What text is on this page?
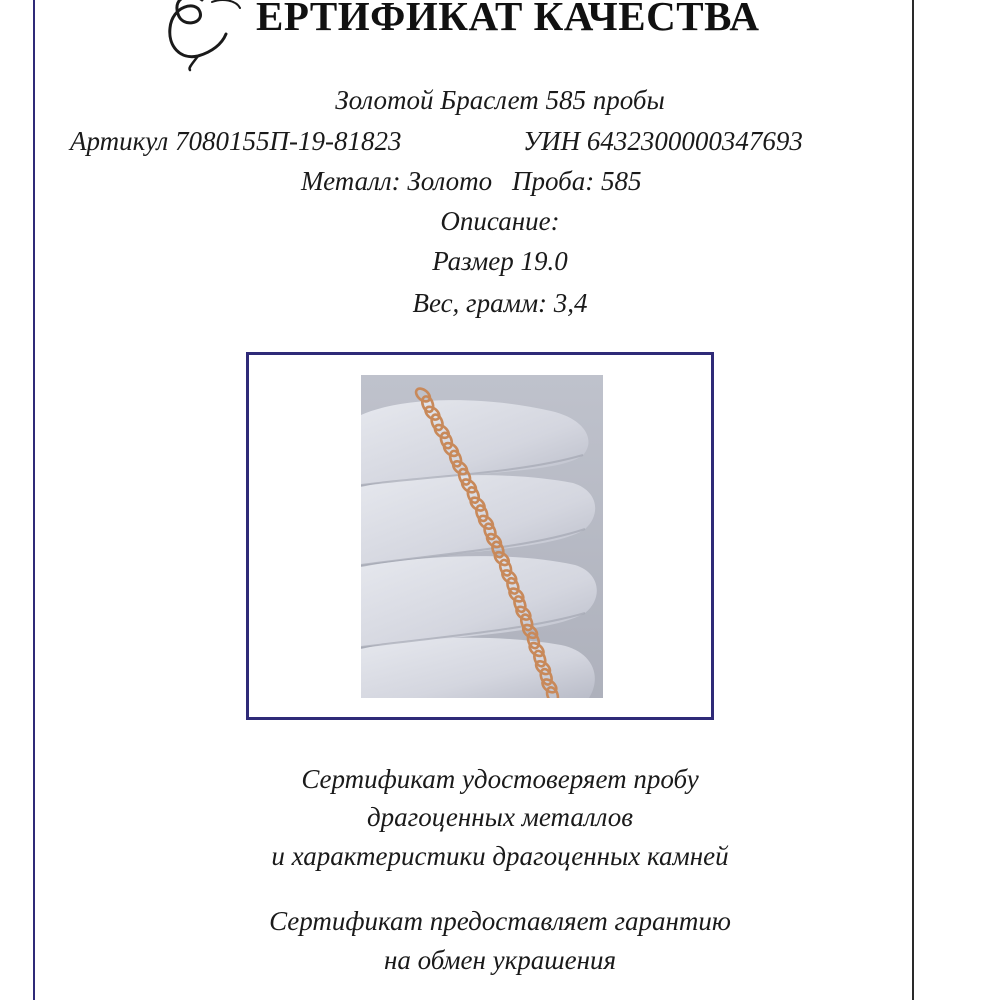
ЕРТИФИКАТ КАЧЕСТВА
Золотой Браслет 585 пробы
Артикул 7080155П-19-81823	УИН 6432300000347693
Металл: Золото Проба: 585
Описание:
Размер 19.0
Вес, грамм: 3,4
Сертификат удостоверяет пробу
драгоценных металлов
и характеристики драгоценных камней
Сертификат предоставляет гарантию
на обмен украшения
